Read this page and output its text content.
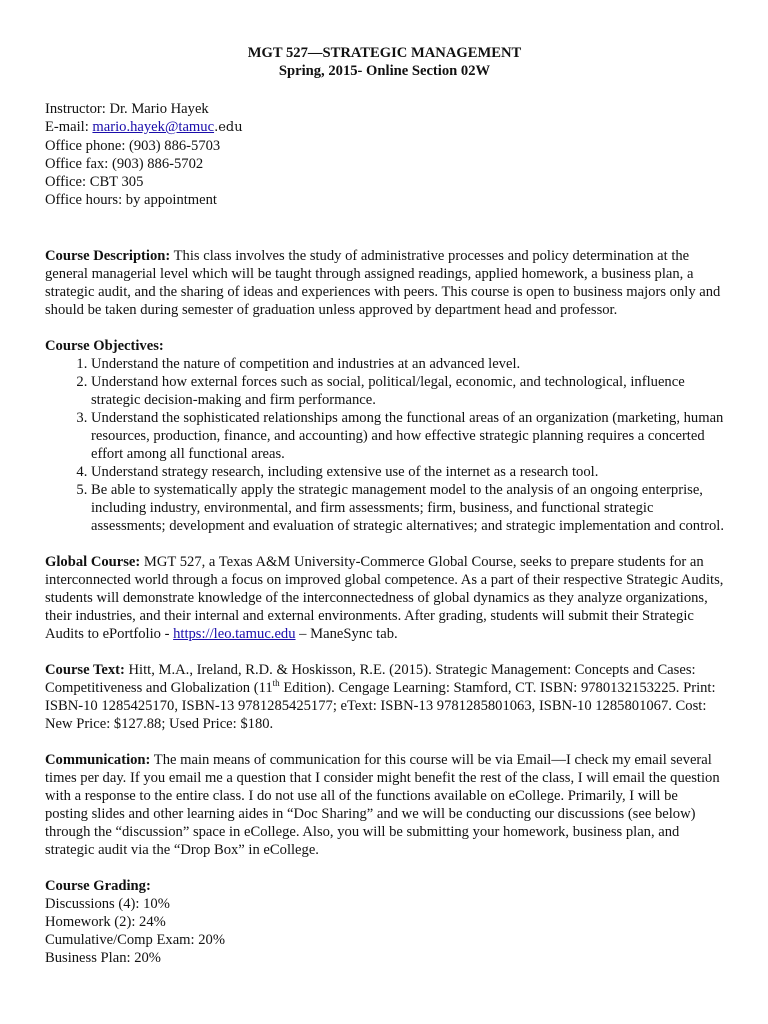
MGT 527—STRATEGIC MANAGEMENT
Spring, 2015- Online Section 02W
Instructor: Dr. Mario Hayek
E-mail: mario.hayek@tamuc.edu
Office phone: (903) 886-5703
Office fax: (903) 886-5702
Office: CBT 305
Office hours: by appointment

Course Description: This class involves the study of administrative processes and policy determination at the general managerial level which will be taught through assigned readings, applied homework, a business plan, a strategic audit, and the sharing of ideas and experiences with peers. This course is open to business majors only and should be taken during semester of graduation unless approved by department head and professor.

Course Objectives:
1. Understand the nature of competition and industries at an advanced level.
2. Understand how external forces such as social, political/legal, economic, and technological, influence strategic decision-making and firm performance.
3. Understand the sophisticated relationships among the functional areas of an organization (marketing, human resources, production, finance, and accounting) and how effective strategic planning requires a concerted effort among all functional areas.
4. Understand strategy research, including extensive use of the internet as a research tool.
5. Be able to systematically apply the strategic management model to the analysis of an ongoing enterprise, including industry, environmental, and firm assessments; firm, business, and functional strategic assessments; development and evaluation of strategic alternatives; and strategic implementation and control.

Global Course: MGT 527, a Texas A&M University-Commerce Global Course, seeks to prepare students for an interconnected world through a focus on improved global competence. As a part of their respective Strategic Audits, students will demonstrate knowledge of the interconnectedness of global dynamics as they analyze organizations, their industries, and their internal and external environments. After grading, students will submit their Strategic Audits to ePortfolio - https://leo.tamuc.edu – ManeSync tab.

Course Text: Hitt, M.A., Ireland, R.D. & Hoskisson, R.E. (2015). Strategic Management: Concepts and Cases: Competitiveness and Globalization (11th Edition). Cengage Learning: Stamford, CT. ISBN: 9780132153225. Print: ISBN-10 1285425170, ISBN-13 9781285425177; eText: ISBN-13 9781285801063, ISBN-10 1285801067. Cost: New Price: $127.88; Used Price: $180.

Communication: The main means of communication for this course will be via Email—I check my email several times per day. If you email me a question that I consider might benefit the rest of the class, I will email the question with a response to the entire class. I do not use all of the functions available on eCollege. Primarily, I will be posting slides and other learning aides in “Doc Sharing” and we will be conducting our discussions (see below) through the “discussion” space in eCollege. Also, you will be submitting your homework, business plan, and strategic audit via the “Drop Box” in eCollege.

Course Grading:
Discussions (4): 10%
Homework (2): 24%
Cumulative/Comp Exam: 20%
Business Plan: 20%
